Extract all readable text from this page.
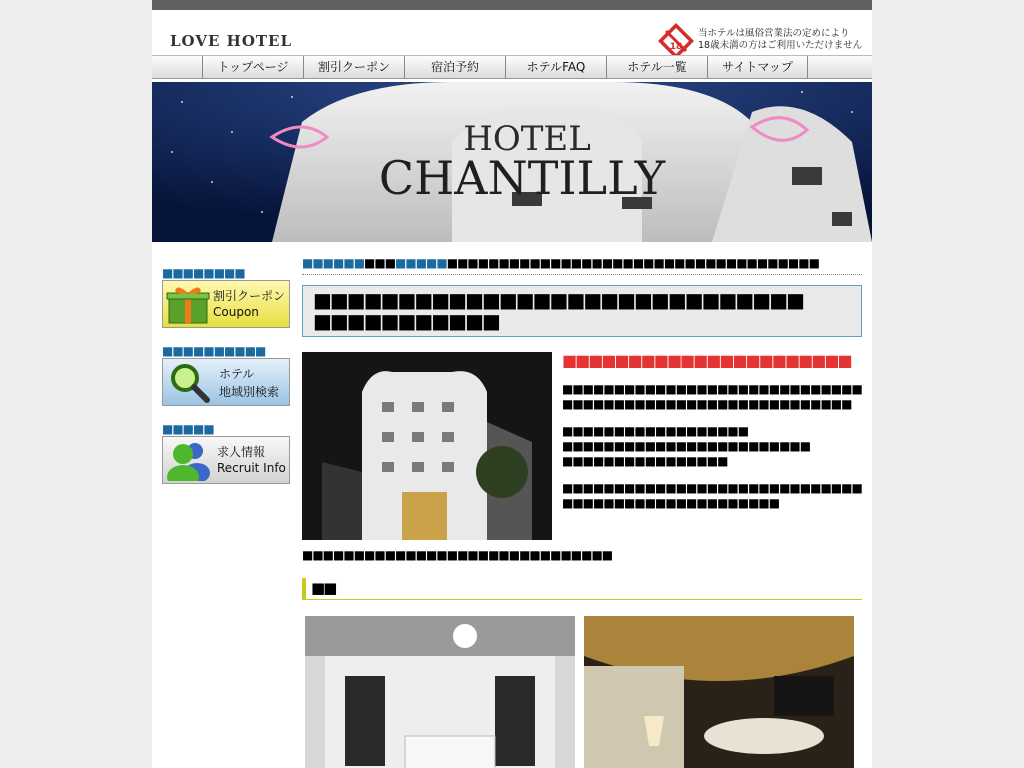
LOVE HOTEL	18
当ホテルは風俗営業法の定めにより
18歳未満の方はご利用いただけません
トップページ	割引クーポン	宿泊予約	ホテルFAQ	ホテル一覧	サイトマップ
HOTEL
CHANTILLY
■■■■■■■■
割引クーポン
Coupon
■■■■■■■■■■
ホテル
地域別検索
■■■■■
求人情報
Recruit Info
■■■■■■■■■■■■■■■■■■■■■■■■■■■■■■■■■■■■■■■■■■■■■■■■■■
■■■■■■■■■■■■■■■■■■■■■■■■■■■■■
■■■■■■■■■■■
■■■■■■■■■■■■■■■■■■■■■■
■■■■■■■■■■■■■■■■■■■■■■■■■■■■■■■■■■■■■■■■■■■■■■■■■■■■■■■■■
■■■■■■■■■■■■■■■■■■
■■■■■■■■■■■■■■■■■■■■■■■■
■■■■■■■■■■■■■■■■
■■■■■■■■■■■■■■■■■■■■■■■■■■■■■■■■■■■■■■■■■■■■■■■■■■
■■■■■■■■■■■■■■■■■■■■■■■■■■■■■■
■■
